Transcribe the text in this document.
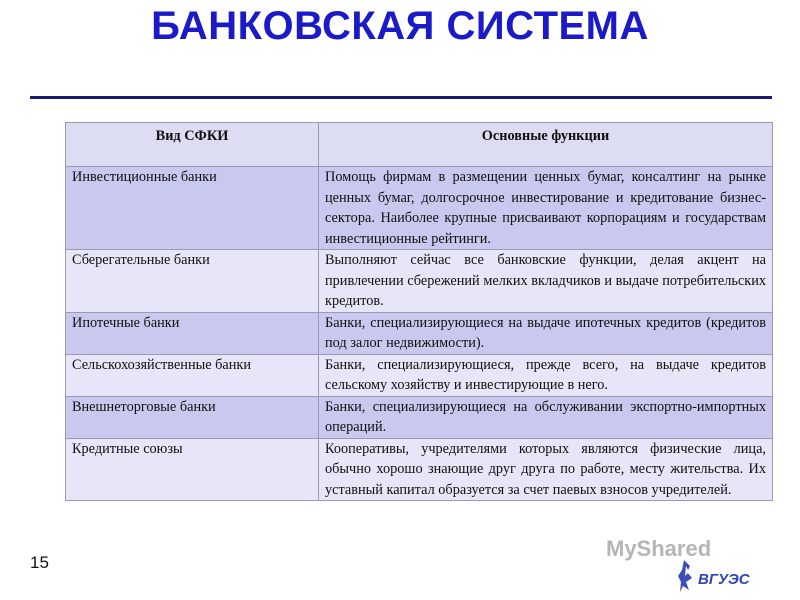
БАНКОВСКАЯ СИСТЕМА
Вид СФКИ	Основные функции
Инвестиционные банки	Помощь фирмам в размещении ценных бумаг, консалтинг на рынке ценных бумаг, долгосрочное инвестирование и кредитование бизнес-сектора. Наиболее крупные присваивают корпорациям и государствам инвестиционные рейтинги.
Сберегательные банки	Выполняют сейчас все банковские функции, делая акцент на привлечении сбережений мелких вкладчиков и выдаче потребительских кредитов.
Ипотечные банки	Банки, специализирующиеся на выдаче ипотечных кредитов (кредитов под залог недвижимости).
Сельскохозяйственные банки	Банки, специализирующиеся, прежде всего, на выдаче кредитов сельскому хозяйству и инвестирующие в него.
Внешнеторговые банки	Банки, специализирующиеся на обслуживании экспортно-импортных операций.
Кредитные союзы	Кооперативы, учредителями которых являются физические лица, обычно хорошо знающие друг друга по работе, месту жительства. Их уставный капитал образуется за счет паевых взносов учредителей.
15
MyShared
ВГУЭС
